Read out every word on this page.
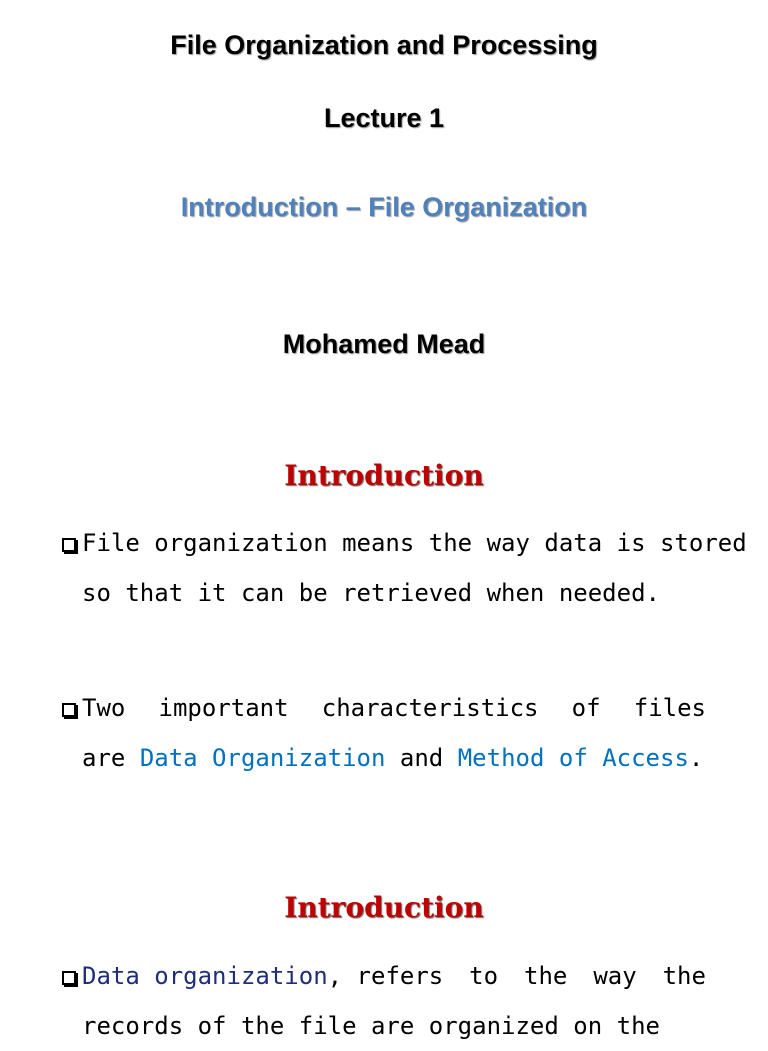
File Organization and Processing
Lecture 1
Introduction – File Organization
Mohamed Mead
Introduction
File organization means the way data is stored
so that it can be retrieved when needed.
Two important characteristics of files
are Data Organization and Method of Access.
Introduction
Data organization, refers to the way the
records of the file are organized on the
